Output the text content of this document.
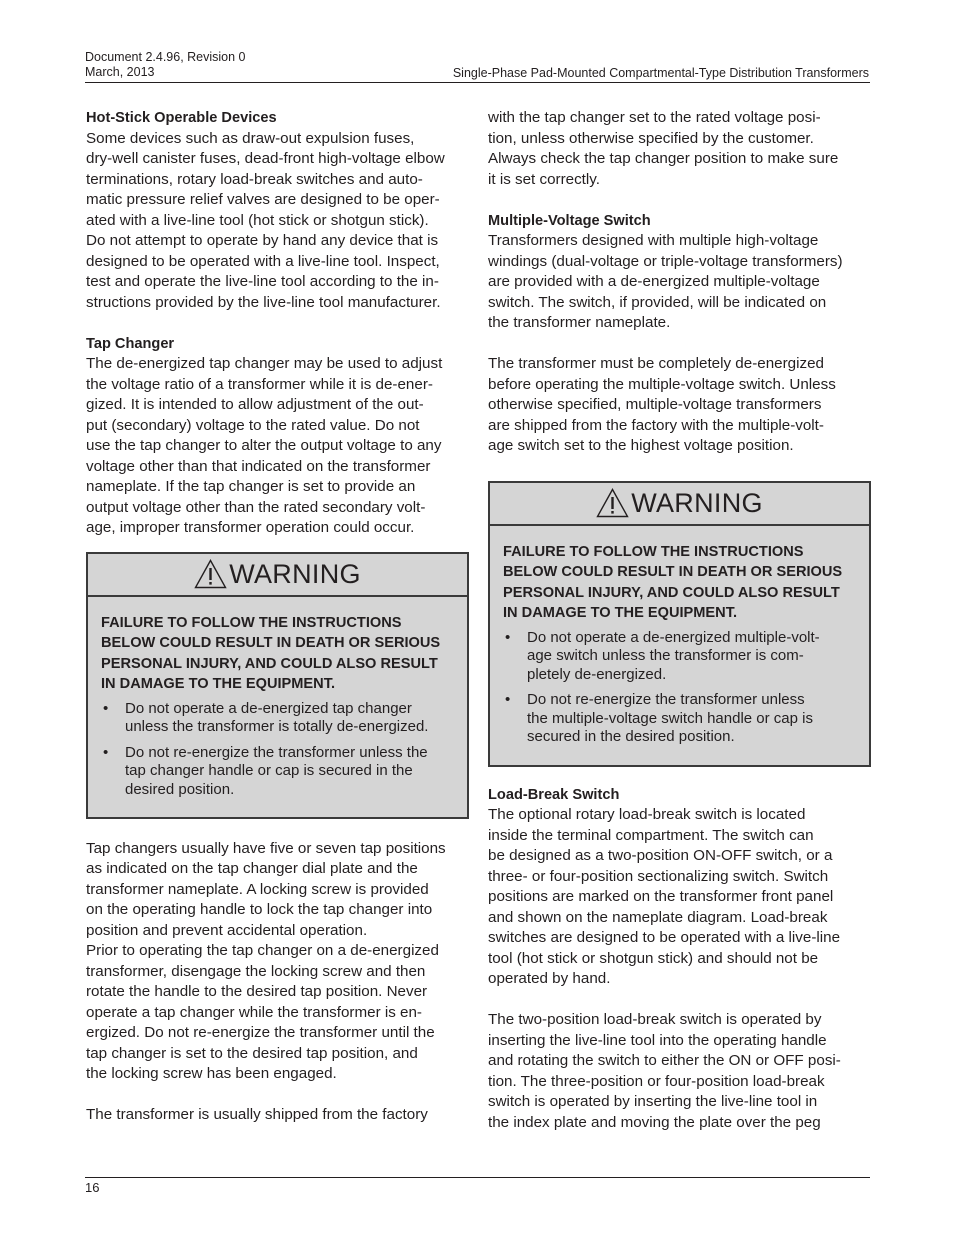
Document 2.4.96, Revision 0
March, 2013	Single-Phase Pad-Mounted Compartmental-Type Distribution Transformers

Hot-Stick Operable Devices

Some devices such as draw-out expulsion fuses,
dry-well canister fuses, dead-front high-voltage elbow
terminations, rotary load-break switches and auto-
matic pressure relief valves are designed to be oper-
ated with a live-line tool (hot stick or shotgun stick).
Do not attempt to operate by hand any device that is
designed to be operated with a live-line tool. Inspect,
test and operate the live-line tool according to the in-
structions provided by the live-line tool manufacturer.

Tap Changer

The de-energized tap changer may be used to adjust
the voltage ratio of a transformer while it is de-ener-
gized. It is intended to allow adjustment of the out-
put (secondary) voltage to the rated value. Do not
use the tap changer to alter the output voltage to any
voltage other than that indicated on the transformer
nameplate. If the tap changer is set to provide an
output voltage other than the rated secondary volt-
age, improper transformer operation could occur.
WARNING
FAILURE TO FOLLOW THE INSTRUCTIONS
BELOW COULD RESULT IN DEATH OR SERIOUS
PERSONAL INJURY, AND COULD ALSO RESULT
IN DAMAGE TO THE EQUIPMENT.
• Do not operate a de-energized tap changer
unless the transformer is totally de-energized.
• Do not re-energize the transformer unless the
tap changer handle or cap is secured in the
desired position.
Tap changers usually have five or seven tap positions
as indicated on the tap changer dial plate and the
transformer nameplate. A locking screw is provided
on the operating handle to lock the tap changer into
position and prevent accidental operation.
Prior to operating the tap changer on a de-energized
transformer, disengage the locking screw and then
rotate the handle to the desired tap position. Never
operate a tap changer while the transformer is en-
ergized. Do not re-energize the transformer until the
tap changer is set to the desired tap position, and
the locking screw has been engaged.
The transformer is usually shipped from the factory
with the tap changer set to the rated voltage posi-
tion, unless otherwise specified by the customer.
Always check the tap changer position to make sure
it is set correctly.

Multiple-Voltage Switch

Transformers designed with multiple high-voltage
windings (dual-voltage or triple-voltage transformers)
are provided with a de-energized multiple-voltage
switch. The switch, if provided, will be indicated on
the transformer nameplate.
The transformer must be completely de-energized
before operating the multiple-voltage switch. Unless
otherwise specified, multiple-voltage transformers
are shipped from the factory with the multiple-volt-
age switch set to the highest voltage position.
WARNING
FAILURE TO FOLLOW THE INSTRUCTIONS
BELOW COULD RESULT IN DEATH OR SERIOUS
PERSONAL INJURY, AND COULD ALSO RESULT
IN DAMAGE TO THE EQUIPMENT.
• Do not operate a de-energized multiple-volt-
age switch unless the transformer is com-
pletely de-energized.
• Do not re-energize the transformer unless
the multiple-voltage switch handle or cap is
secured in the desired position.

Load-Break Switch

The optional rotary load-break switch is located
inside the terminal compartment. The switch can
be designed as a two-position ON-OFF switch, or a
three- or four-position sectionalizing switch. Switch
positions are marked on the transformer front panel
and shown on the nameplate diagram. Load-break
switches are designed to be operated with a live-line
tool (hot stick or shotgun stick) and should not be
operated by hand.
The two-position load-break switch is operated by
inserting the live-line tool into the operating handle
and rotating the switch to either the ON or OFF posi-
tion. The three-position or four-position load-break
switch is operated by inserting the live-line tool in
the index plate and moving the plate over the peg
16
